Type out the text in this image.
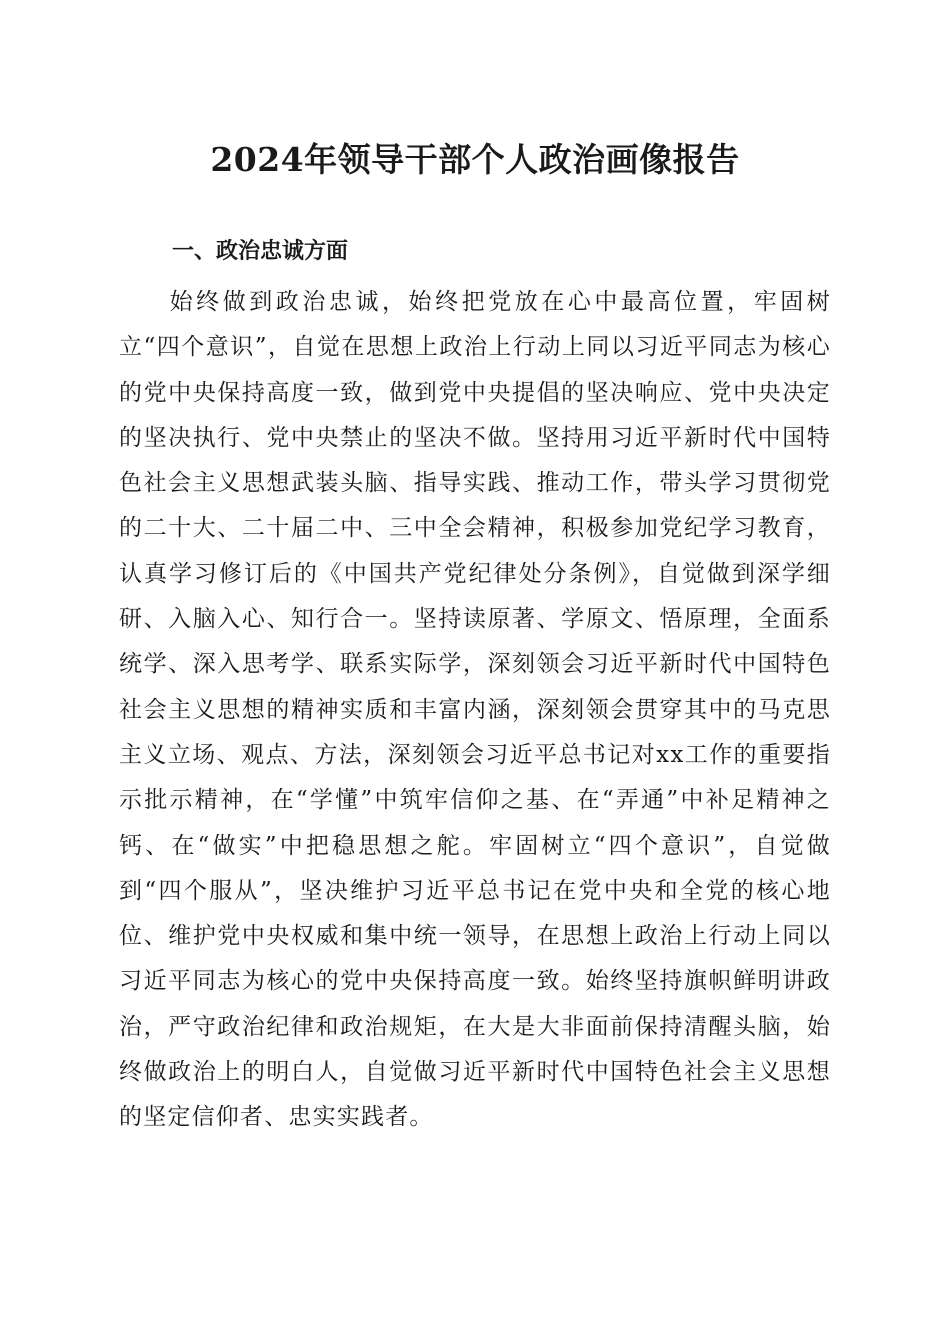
2024年领导干部个人政治画像报告
一、政治忠诚方面

始终做到政治忠诚，始终把党放在心中最高位置，牢固树立“四个意识”，自觉在思想上政治上行动上同以习近平同志为核心的党中央保持高度一致，做到党中央提倡的坚决响应、党中央决定的坚决执行、党中央禁止的坚决不做。坚持用习近平新时代中国特色社会主义思想武装头脑、指导实践、推动工作，带头学习贯彻党的二十大、二十届二中、三中全会精神，积极参加党纪学习教育，认真学习修订后的《中国共产党纪律处分条例》，自觉做到深学细研、入脑入心、知行合一。坚持读原著、学原文、悟原理，全面系统学、深入思考学、联系实际学，深刻领会习近平新时代中国特色社会主义思想的精神实质和丰富内涵，深刻领会贯穿其中的马克思主义立场、观点、方法，深刻领会习近平总书记对xx工作的重要指示批示精神，在“学懂”中筑牢信仰之基、在“弄通”中补足精神之钙、在“做实”中把稳思想之舵。牢固树立“四个意识”，自觉做到“四个服从”，坚决维护习近平总书记在党中央和全党的核心地位、维护党中央权威和集中统一领导，在思想上政治上行动上同以习近平同志为核心的党中央保持高度一致。始终坚持旗帜鲜明讲政治，严守政治纪律和政治规矩，在大是大非面前保持清醒头脑，始终做政治上的明白人，自觉做习近平新时代中国特色社会主义思想的坚定信仰者、忠实实践者。
